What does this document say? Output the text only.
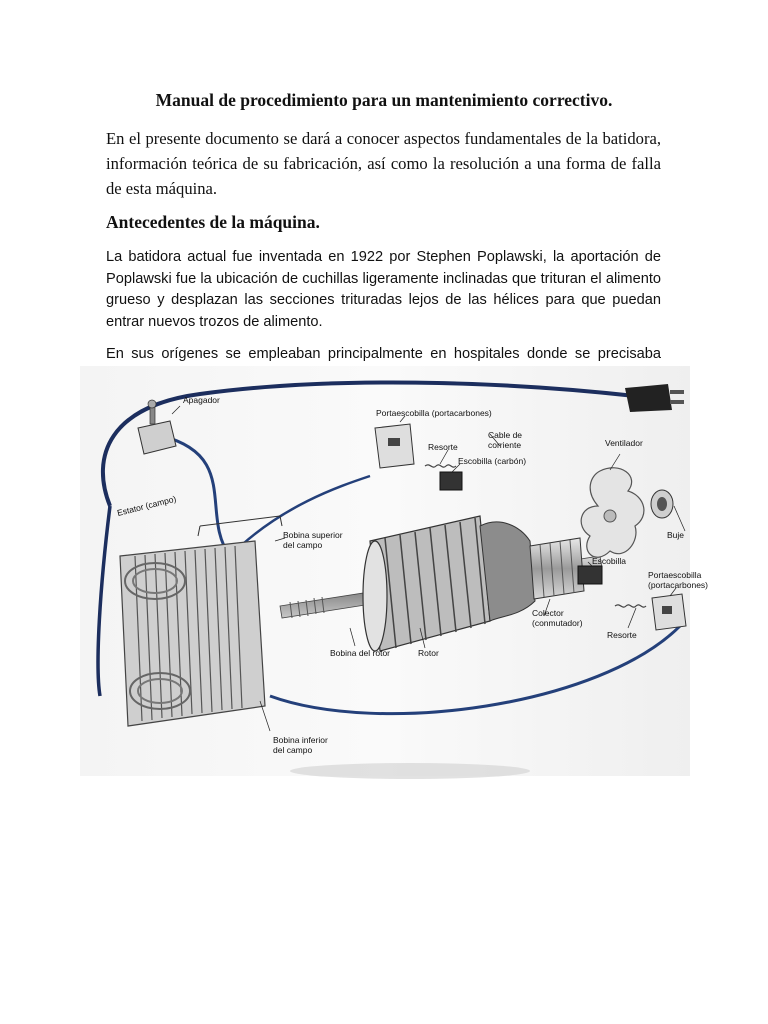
Manual de procedimiento para un mantenimiento correctivo.

En el presente documento se dará a conocer aspectos fundamentales de la batidora, información teórica de su fabricación, así como la resolución a una forma de falla de esta máquina.

Antecedentes de la máquina.

La batidora actual fue inventada en 1922 por Stephen Poplawski, la aportación de Poplawski fue la ubicación de cuchillas ligeramente inclinadas que trituran el alimento grueso y desplazan las secciones trituradas lejos de las hélices para que puedan entrar nuevos trozos de alimento.

En sus orígenes se empleaban principalmente en hospitales donde se precisaba

Apagador
Estator (campo)
Portaescobilla (portacarbones)
Resorte
Escobilla (carbón)
Cable de
corriente	Ventilador
Buje
Bobina superior
del campo
Escobilla
Portaescobilla
(portacarbones)
Colector
(conmutador)
Resorte
Bobina del rotor	Rotor
Bobina inferior
del campo
